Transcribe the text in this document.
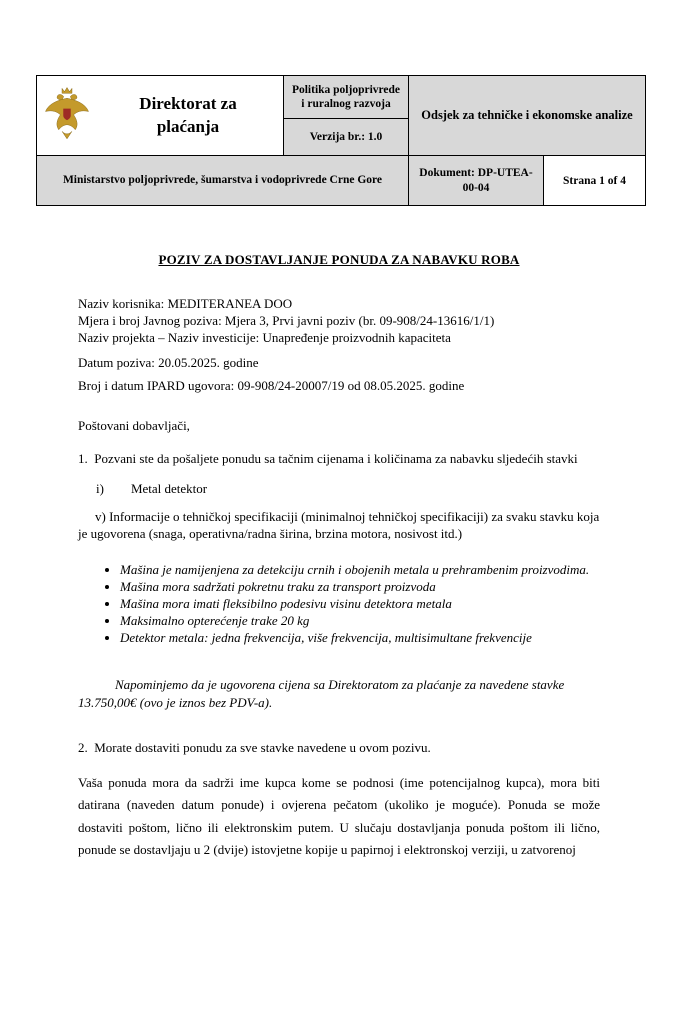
Direktorat za plaćanja	Politika poljoprivrede i ruralnog razvoja	Odsjek za tehničke i ekonomske analize	
	Verzija br.: 1.0		
Ministarstvo poljoprivrede, šumarstva i vodoprivrede Crne Gore		Dokument: DP-UTEA-00-04	Strana 1 of 4
POZIV ZA DOSTAVLJANJE PONUDA ZA NABAVKU ROBA
Naziv korisnika: MEDITERANEA DOO
Mjera i broj Javnog poziva: Mjera 3, Prvi javni poziv (br. 09-908/24-13616/1/1)
Naziv projekta – Naziv investicije: Unapređenje proizvodnih kapaciteta
Datum poziva: 20.05.2025. godine
Broj i datum IPARD ugovora: 09-908/24-20007/19 od 08.05.2025. godine
Poštovani dobavljači,
1.  Pozvani ste da pošaljete ponudu sa tačnim cijenama i količinama za nabavku sljedećih stavki
i) Metal detektor
v) Informacije o tehničkoj specifikaciji (minimalnoj tehničkoj specifikaciji) za svaku stavku koja je ugovorena (snaga, operativna/radna širina, brzina motora, nosivost itd.)
• Mašina je namijenjena za detekciju crnih i obojenih metala u prehrambenim proizvodima.
• Mašina mora sadržati pokretnu traku za transport proizvoda
• Mašina mora imati fleksibilno podesivu visinu detektora metala
• Maksimalno opterećenje trake 20 kg
• Detektor metala: jedna frekvencija, više frekvencija, multisimultane frekvencije
Napominjemo da je ugovorena cijena sa Direktoratom za plaćanje za navedene stavke 13.750,00€ (ovo je iznos bez PDV-a).
2.  Morate dostaviti ponudu za sve stavke navedene u ovom pozivu.
Vaša ponuda mora da sadrži ime kupca kome se podnosi (ime potencijalnog kupca), mora biti datirana (naveden datum ponude) i ovjerena pečatom (ukoliko je moguće). Ponuda se može dostaviti poštom, lično ili elektronskim putem. U slučaju dostavljanja ponuda poštom ili lično, ponude se dostavljaju u 2 (dvije) istovjetne kopije u papirnoj i elektronskoj verziji, u zatvorenoj
